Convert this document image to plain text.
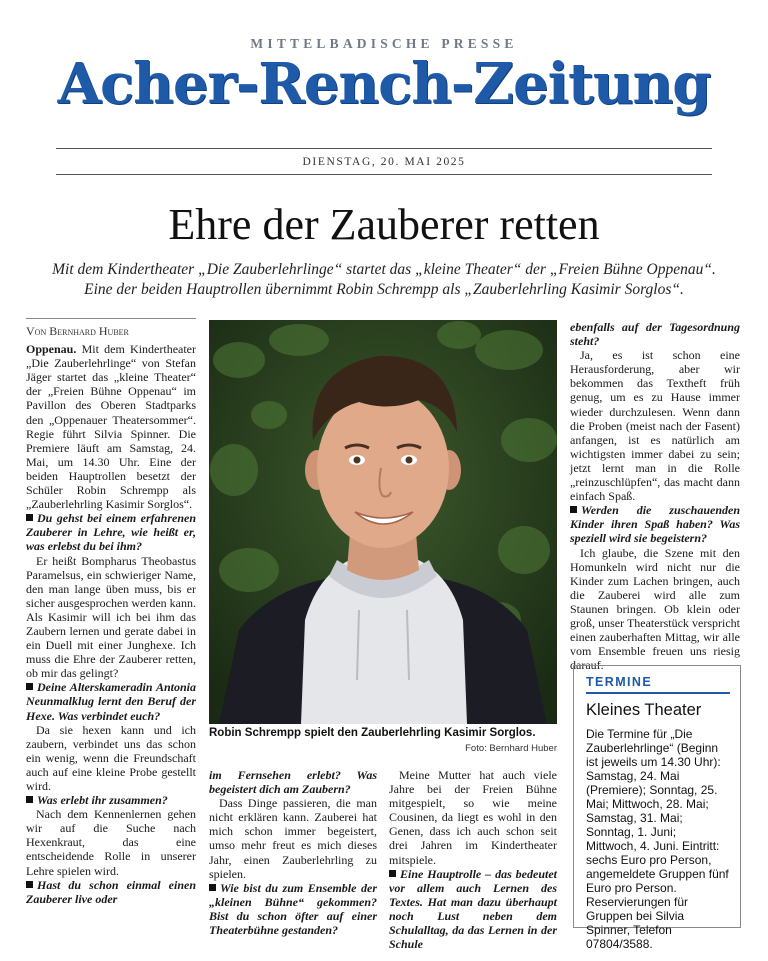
MITTELBADISCHE PRESSE
Acher-Rench-Zeitung
DIENSTAG, 20. MAI 2025
Ehre der Zauberer retten
Mit dem Kindertheater „Die Zauberlehrlinge“ startet das „kleine Theater“ der „Freien Bühne Oppenau“.
Eine der beiden Hauptrollen übernimmt Robin Schrempp als „Zauberlehrling Kasimir Sorglos“.
Von Bernhard Huber

Oppenau. Mit dem Kindertheater „Die Zauberlehrlinge“ von Stefan Jäger startet das „kleine Theater“ der „Freien Bühne Oppenau“ im Pavillon des Oberen Stadtparks den „Oppenauer Theatersommer“. Regie führt Silvia Spinner. Die Premiere läuft am Samstag, 24. Mai, um 14.30 Uhr. Eine der beiden Hauptrollen besetzt der Schüler Robin Schrempp als „Zauberlehrling Kasimir Sorglos“.

Du gehst bei einem erfahrenen Zauberer in Lehre, wie heißt er, was erlebst du bei ihm?

Er heißt Bompharus Theobastus Paramelsus, ein schwieriger Name, den man lange üben muss, bis er sicher ausgesprochen werden kann. Als Kasimir will ich bei ihm das Zaubern lernen und gerate dabei in ein Duell mit einer Junghexe. Ich muss die Ehre der Zauberer retten, ob mir das gelingt?

Deine Alterskameradin Antonia Neunmalklug lernt den Beruf der Hexe. Was verbindet euch?

Da sie hexen kann und ich zaubern, verbindet uns das schon ein wenig, wenn die Freundschaft auch auf eine kleine Probe gestellt wird.

Was erlebt ihr zusammen?

Nach dem Kennenlernen gehen wir auf die Suche nach Hexenkraut, das eine entscheidende Rolle in unserer Lehre spielen wird.

Hast du schon einmal einen Zauberer live oder

Robin Schrempp spielt den Zauberlehrling Kasimir Sorglos.
Foto: Bernhard Huber

im Fernsehen erlebt? Was begeistert dich am Zaubern?

Dass Dinge passieren, die man nicht erklären kann. Zauberei hat mich schon immer begeistert, umso mehr freut es mich dieses Jahr, einen Zauberlehrling zu spielen.

Wie bist du zum Ensemble der „kleinen Bühne“ gekommen? Bist du schon öfter auf einer Theaterbühne gestanden?

Meine Mutter hat auch viele Jahre bei der Freien Bühne mitgespielt, so wie meine Cousinen, da liegt es wohl in den Genen, dass ich auch schon seit drei Jahren im Kindertheater mitspiele.

Eine Hauptrolle – das bedeutet vor allem auch Lernen des Textes. Hat man dazu überhaupt noch Lust neben dem Schulalltag, da das Lernen in der Schule

ebenfalls auf der Tagesordnung steht?

Ja, es ist schon eine Herausforderung, aber wir bekommen das Textheft früh genug, um es zu Hause immer wieder durchzulesen. Wenn dann die Proben (meist nach der Fasent) anfangen, ist es natürlich am wichtigsten immer dabei zu sein; jetzt lernt man in die Rolle „reinzuschlüpfen“, das macht dann einfach Spaß.

Werden die zuschauenden Kinder ihren Spaß haben? Was speziell wird sie begeistern?

Ich glaube, die Szene mit den Homunkeln wird nicht nur die Kinder zum Lachen bringen, auch die Zauberei wird alle zum Staunen bringen. Ob klein oder groß, unser Theaterstück verspricht einen zauberhaften Mittag, wir alle vom Ensemble freuen uns riesig darauf.

TERMINE
Kleines Theater
Die Termine für „Die Zauberlehrlinge“ (Beginn ist jeweils um 14.30 Uhr): Samstag, 24. Mai (Premiere); Sonntag, 25. Mai; Mittwoch, 28. Mai; Samstag, 31. Mai; Sonntag, 1. Juni; Mittwoch, 4. Juni. Eintritt: sechs Euro pro Person, angemeldete Gruppen fünf Euro pro Person. Reservierungen für Gruppen bei Silvia Spinner, Telefon 07804/3588.
